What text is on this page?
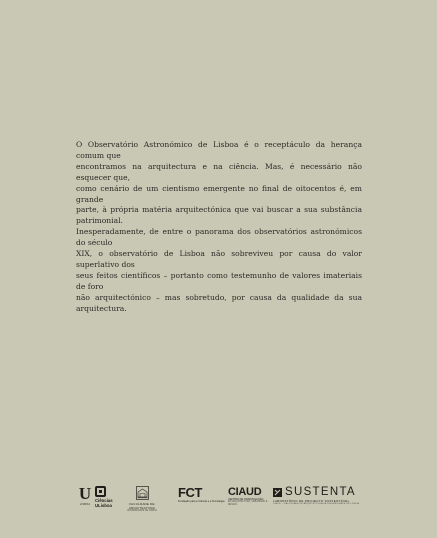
O Observatório Astronómico de Lisboa é o receptáculo da herança comum que
encontramos na arquitectura e na ciência. Mas, é necessário não esquecer que,
como cenário de um cientismo emergente no final de oitocentos é, em grande
parte, à própria matéria arquitectónica que vai buscar a sua substância patrimonial.
Inesperadamente, de entre o panorama dos observatórios astronómicos do século
XIX, o observatório de Lisboa não sobreviveu por causa do valor superlativo dos
seus feitos científicos – portanto como testemunho de valores imateriais de foro
não arquitectónico – mas sobretudo, por causa da qualidade da sua arquitectura.

U
LISBOA
Ciências
ULisboa	FACULDADE DE ARQUITECTURA
UNIVERSIDADE DE LISBOA
FCT
Fundação para a Ciência e a Tecnologia
CIAUD
CENTRO DE INVESTIGAÇÃO
EM ARQUITECTURA, URBANISMO E DESIGN
SUSTENTA
LABORATÓRIO DE PROJECTO SUSTENTÁVEL
CIAUD — FACULDADE DE ARQUITECTURA DA UNIVERSIDADE DE LISBOA
